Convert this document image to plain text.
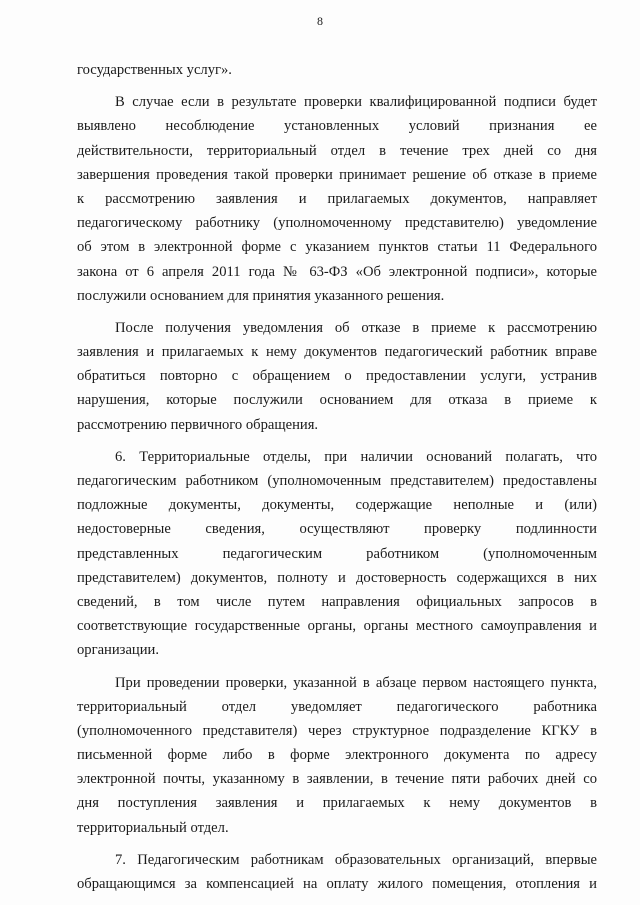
8
государственных услуг».
В случае если в результате проверки квалифицированной подписи будет
выявлено несоблюдение установленных условий признания ее
действительности, территориальный отдел в течение трех дней со дня
завершения проведения такой проверки принимает решение об отказе в приеме
к рассмотрению заявления и прилагаемых документов, направляет
педагогическому работнику (уполномоченному представителю) уведомление
об этом в электронной форме с указанием пунктов статьи 11 Федерального
закона от 6 апреля 2011 года № 63-ФЗ «Об электронной подписи», которые
послужили основанием для принятия указанного решения.
После получения уведомления об отказе в приеме к рассмотрению
заявления и прилагаемых к нему документов педагогический работник вправе
обратиться повторно с обращением о предоставлении услуги, устранив
нарушения, которые послужили основанием для отказа в приеме к
рассмотрению первичного обращения.
6. Территориальные отделы, при наличии оснований полагать, что
педагогическим работником (уполномоченным представителем) предоставлены
подложные документы, документы, содержащие неполные и (или)
недостоверные сведения, осуществляют проверку подлинности
представленных педагогическим работником (уполномоченным
представителем) документов, полноту и достоверность содержащихся в них
сведений, в том числе путем направления официальных запросов в
соответствующие государственные органы, органы местного самоуправления и
организации.
При проведении проверки, указанной в абзаце первом настоящего пункта,
территориальный отдел уведомляет педагогического работника
(уполномоченного представителя) через структурное подразделение КГКУ в
письменной форме либо в форме электронного документа по адресу
электронной почты, указанному в заявлении, в течение пяти рабочих дней со
дня поступления заявления и прилагаемых к нему документов в
территориальный отдел.
7. Педагогическим работникам образовательных организаций, впервые
обращающимся за компенсацией на оплату жилого помещения, отопления и
